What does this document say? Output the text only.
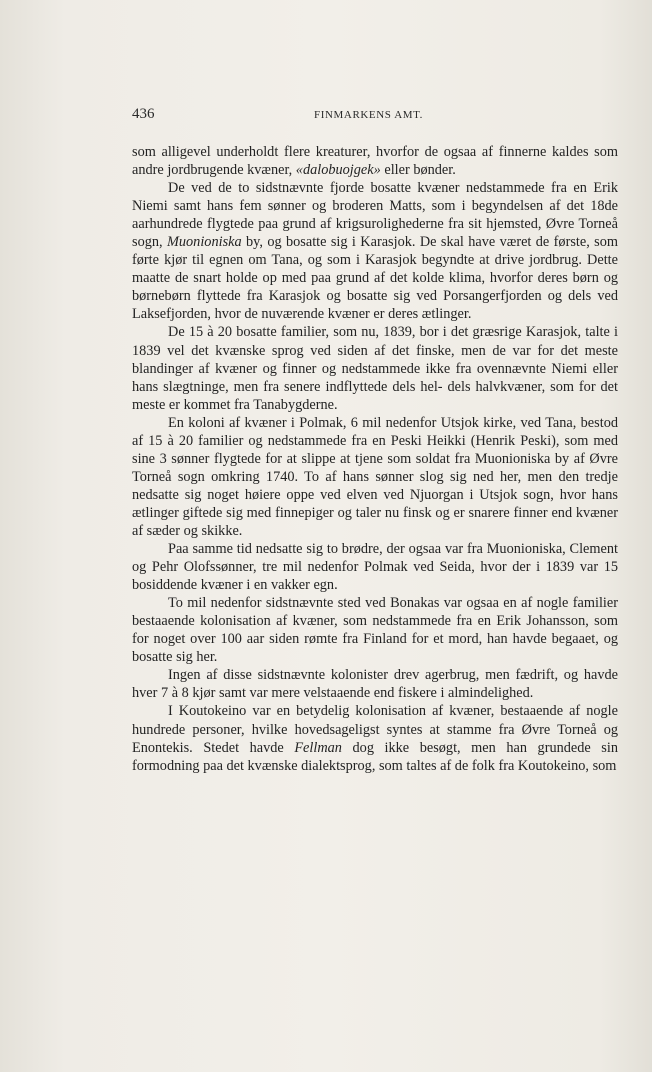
436	FINMARKENS AMT.

som alligevel underholdt flere kreaturer, hvorfor de ogsaa af finnerne kaldes som andre jordbrugende kvæner, «dalobuojgek» eller bønder.

De ved de to sidstnævnte fjorde bosatte kvæner nedstammede fra en Erik Niemi samt hans fem sønner og broderen Matts, som i begyndelsen af det 18de aarhundrede flygtede paa grund af krigsurolighederne fra sit hjemsted, Øvre Torneå sogn, Muonioniska by, og bosatte sig i Karasjok. De skal have været de første, som førte kjør til egnen om Tana, og som i Karasjok begyndte at drive jordbrug. Dette maatte de snart holde op med paa grund af det kolde klima, hvorfor deres børn og børnebørn flyttede fra Karasjok og bosatte sig ved Porsangerfjorden og dels ved Laksefjorden, hvor de nuværende kvæner er deres ætlinger.

De 15 à 20 bosatte familier, som nu, 1839, bor i det græsrige Karasjok, talte i 1839 vel det kvænske sprog ved siden af det finske, men de var for det meste blandinger af kvæner og finner og nedstammede ikke fra ovennævnte Niemi eller hans slægtninge, men fra senere indflyttede dels hel- dels halvkvæner, som for det meste er kommet fra Tanabygderne.

En koloni af kvæner i Polmak, 6 mil nedenfor Utsjok kirke, ved Tana, bestod af 15 à 20 familier og nedstammede fra en Peski Heikki (Henrik Peski), som med sine 3 sønner flygtede for at slippe at tjene som soldat fra Muonioniska by af Øvre Torneå sogn omkring 1740. To af hans sønner slog sig ned her, men den tredje nedsatte sig noget høiere oppe ved elven ved Njuorgan i Utsjok sogn, hvor hans ætlinger giftede sig med finnepiger og taler nu finsk og er snarere finner end kvæner af sæder og skikke.

Paa samme tid nedsatte sig to brødre, der ogsaa var fra Muonioniska, Clement og Pehr Olofssønner, tre mil nedenfor Polmak ved Seida, hvor der i 1839 var 15 bosiddende kvæner i en vakker egn.

To mil nedenfor sidstnævnte sted ved Bonakas var ogsaa en af nogle familier bestaaende kolonisation af kvæner, som nedstammede fra en Erik Johansson, som for noget over 100 aar siden rømte fra Finland for et mord, han havde begaaet, og bosatte sig her.

Ingen af disse sidstnævnte kolonister drev agerbrug, men fædrift, og havde hver 7 à 8 kjør samt var mere velstaaende end fiskere i almindelighed.

I Koutokeino var en betydelig kolonisation af kvæner, bestaaende af nogle hundrede personer, hvilke hovedsageligst syntes at stamme fra Øvre Torneå og Enontekis. Stedet havde Fellman dog ikke besøgt, men han grundede sin formodning paa det kvænske dialektsprog, som taltes af de folk fra Koutokeino, som
